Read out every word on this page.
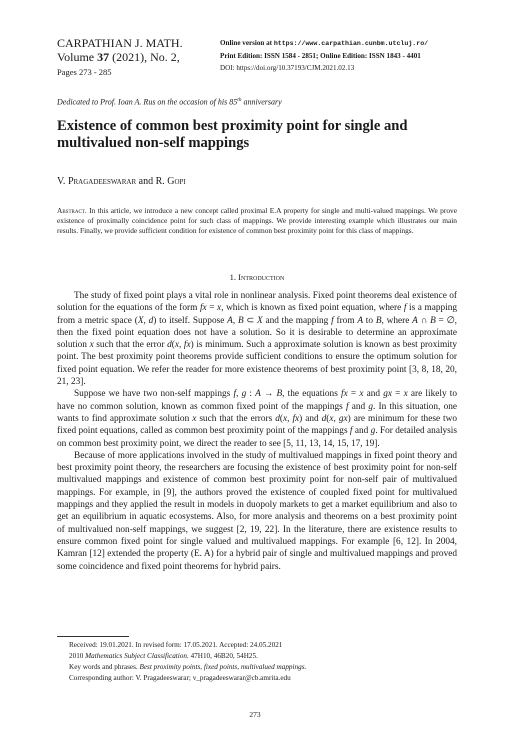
CARPATHIAN J. MATH.
Volume 37 (2021), No. 2,
Pages 273 - 285
Online version at https://www.carpathian.cunbm.utcluj.ro/
Print Edition: ISSN 1584 - 2851; Online Edition: ISSN 1843 - 4401
DOI: https://doi.org/10.37193/CJM.2021.02.13
Dedicated to Prof. Ioan A. Rus on the occasion of his 85th anniversary
Existence of common best proximity point for single and multivalued non-self mappings
V. Pragadeeswarar and R. Gopi
Abstract. In this article, we introduce a new concept called proximal E.A property for single and multi-valued mappings. We prove existence of proximally coincidence point for such class of mappings. We provide interesting example which illustrates our main results. Finally, we provide sufficient condition for existence of common best proximity point for this class of mappings.
1. Introduction

The study of fixed point plays a vital role in nonlinear analysis. Fixed point theorems deal existence of solution for the equations of the form fx = x, which is known as fixed point equation, where f is a mapping from a metric space (X, d) to itself. Suppose A, B ⊂ X and the mapping f from A to B, where A ∩ B = ∅, then the fixed point equation does not have a solution. So it is desirable to determine an approximate solution x such that the error d(x, fx) is minimum. Such a approximate solution is known as best proximity point. The best proximity point theorems provide sufficient conditions to ensure the optimum solution for fixed point equation. We refer the reader for more existence theorems of best proximity point [3, 8, 18, 20, 21, 23].

Suppose we have two non-self mappings f, g : A → B, the equations fx = x and gx = x are likely to have no common solution, known as common fixed point of the mappings f and g. In this situation, one wants to find approximate solution x such that the errors d(x, fx) and d(x, gx) are minimum for these two fixed point equations, called as common best proximity point of the mappings f and g. For detailed analysis on common best proximity point, we direct the reader to see [5, 11, 13, 14, 15, 17, 19].

Because of more applications involved in the study of multivalued mappings in fixed point theory and best proximity point theory, the researchers are focusing the existence of best proximity point for non-self multivalued mappings and existence of common best proximity point for non-self pair of multivalued mappings. For example, in [9], the authors proved the existence of coupled fixed point for multivalued mappings and they applied the result in models in duopoly markets to get a market equilibrium and also to get an equilibrium in aquatic ecosystems. Also, for more analysis and theorems on a best proximity point of multivalued non-self mappings, we suggest [2, 19, 22]. In the literature, there are existence results to ensure common fixed point for single valued and multivalued mappings. For example [6, 12]. In 2004, Kamran [12] extended the property (E. A) for a hybrid pair of single and multivalued mappings and proved some coincidence and fixed point theorems for hybrid pairs.

Received: 19.01.2021. In revised form: 17.05.2021. Accepted: 24.05.2021
2010 Mathematics Subject Classification. 47H10, 46B20, 54H25.
Key words and phrases. Best proximity points, fixed points, multivalued mappings.
Corresponding author: V. Pragadeeswarar; v_pragadeeswarar@cb.amrita.edu
273
